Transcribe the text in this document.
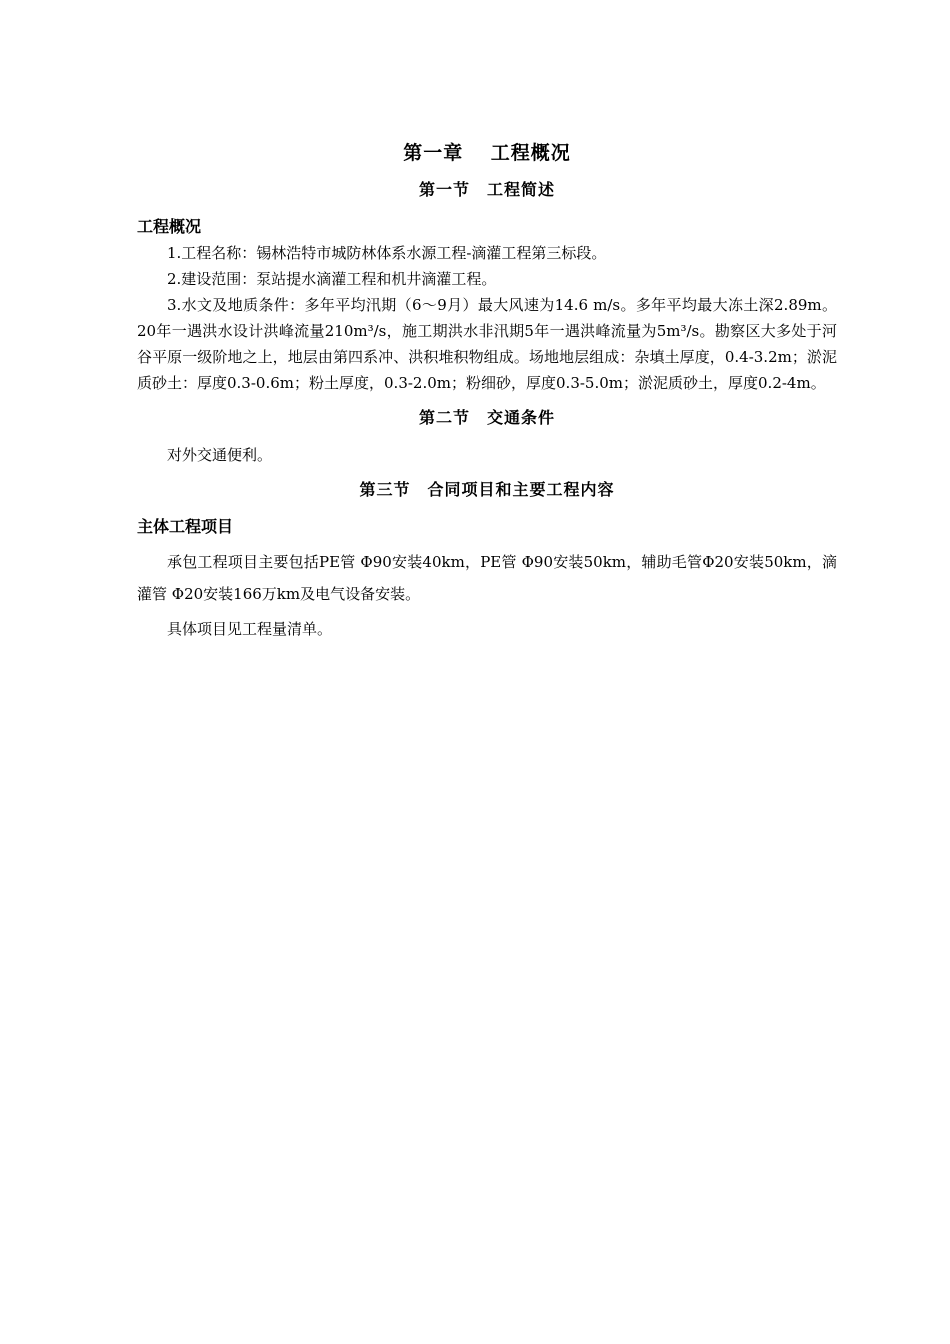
第一章　 工程概况
第一节　工程简述
工程概况

1.工程名称：锡林浩特市城防林体系水源工程-滴灌工程第三标段。

2.建设范围：泵站提水滴灌工程和机井滴灌工程。

3.水文及地质条件：多年平均汛期（6～9月）最大风速为14.6 m/s。多年平均最大冻土深2.89m。20年一遇洪水设计洪峰流量210m³/s，施工期洪水非汛期5年一遇洪峰流量为5m³/s。勘察区大多处于河谷平原一级阶地之上，地层由第四系冲、洪积堆积物组成。场地地层组成：杂填土厚度，0.4-3.2m；淤泥质砂土：厚度0.3-0.6m；粉土厚度，0.3-2.0m；粉细砂，厚度0.3-5.0m；淤泥质砂土，厚度0.2-4m。

第二节　交通条件

对外交通便利。

第三节　合同项目和主要工程内容
主体工程项目

承包工程项目主要包括PE管 Φ90安装40km，PE管 Φ90安装50km，辅助毛管Φ20安装50km，滴灌管 Φ20安装166万km及电气设备安装。

具体项目见工程量清单。
